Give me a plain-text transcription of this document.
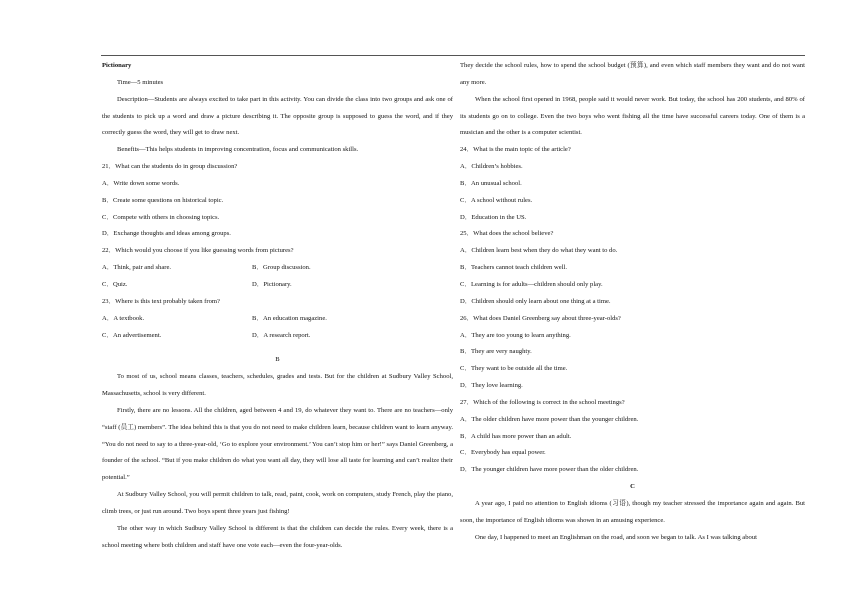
Pictionary

Time—5 minutes

Description—Students are always excited to take part in this activity. You can divide the class into two groups and ask one of the students to pick up a word and draw a picture describing it. The opposite group is supposed to guess the word, and if they correctly guess the word, they will get to draw next.

Benefits—This helps students in improving concentration, focus and communication skills.

21．What can the students do in group discussion?

A．Write down some words.

B．Create some questions on historical topic.

C．Compete with others in choosing topics.

D．Exchange thoughts and ideas among groups.

22．Which would you choose if you like guessing words from pictures?

A．Think, pair and share.	B．Group discussion.
C．Quiz.	D．Pictionary.

23．Where is this text probably taken from?

A．A textbook.	B．An education magazine.
C．An advertisement.	D．A research report.

B

To most of us, school means classes, teachers, schedules, grades and tests. But for the children at Sudbury Valley School, Massachusetts, school is very different.

Firstly, there are no lessons. All the children, aged between 4 and 19, do whatever they want to. There are no teachers—only “staff (员工) members”. The idea behind this is that you do not need to make children learn, because children want to learn anyway. “You do not need to say to a three-year-old, ‘Go to explore your environment.’ You can’t stop him or her!” says Daniel Greenberg, a founder of the school. “But if you make children do what you want all day, they will lose all taste for learning and can’t realize their potential.”

At Sudbury Valley School, you will permit children to talk, read, paint, cook, work on computers, study French, play the piano, climb trees, or just run around. Two boys spent three years just fishing!

The other way in which Sudbury Valley School is different is that the children can decide the rules. Every week, there is a school meeting where both children and staff have one vote each—even the four-year-olds.

They decide the school rules, how to spend the school budget (预算), and even which staff members they want and do not want any more.

When the school first opened in 1968, people said it would never work. But today, the school has 200 students, and 80% of its students go on to college. Even the two boys who went fishing all the time have successful careers today. One of them is a musician and the other is a computer scientist.

24．What is the main topic of the article?

A．Children’s hobbies.

B．An unusual school.

C．A school without rules.

D．Education in the US.

25．What does the school believe?

A．Children learn best when they do what they want to do.

B．Teachers cannot teach children well.

C．Learning is for adults—children should only play.

D．Children should only learn about one thing at a time.

26．What does Daniel Greenberg say about three-year-olds?

A．They are too young to learn anything.

B．They are very naughty.

C．They want to be outside all the time.

D．They love learning.

27．Which of the following is correct in the school meetings?

A．The older children have more power than the younger children.

B．A child has more power than an adult.

C．Everybody has equal power.

D．The younger children have more power than the older children.

C

A year ago, I paid no attention to English idioms (习语), though my teacher stressed the importance again and again. But soon, the importance of English idioms was shown in an amusing experience.

One day, I happened to meet an Englishman on the road, and soon we began to talk. As I was talking about
